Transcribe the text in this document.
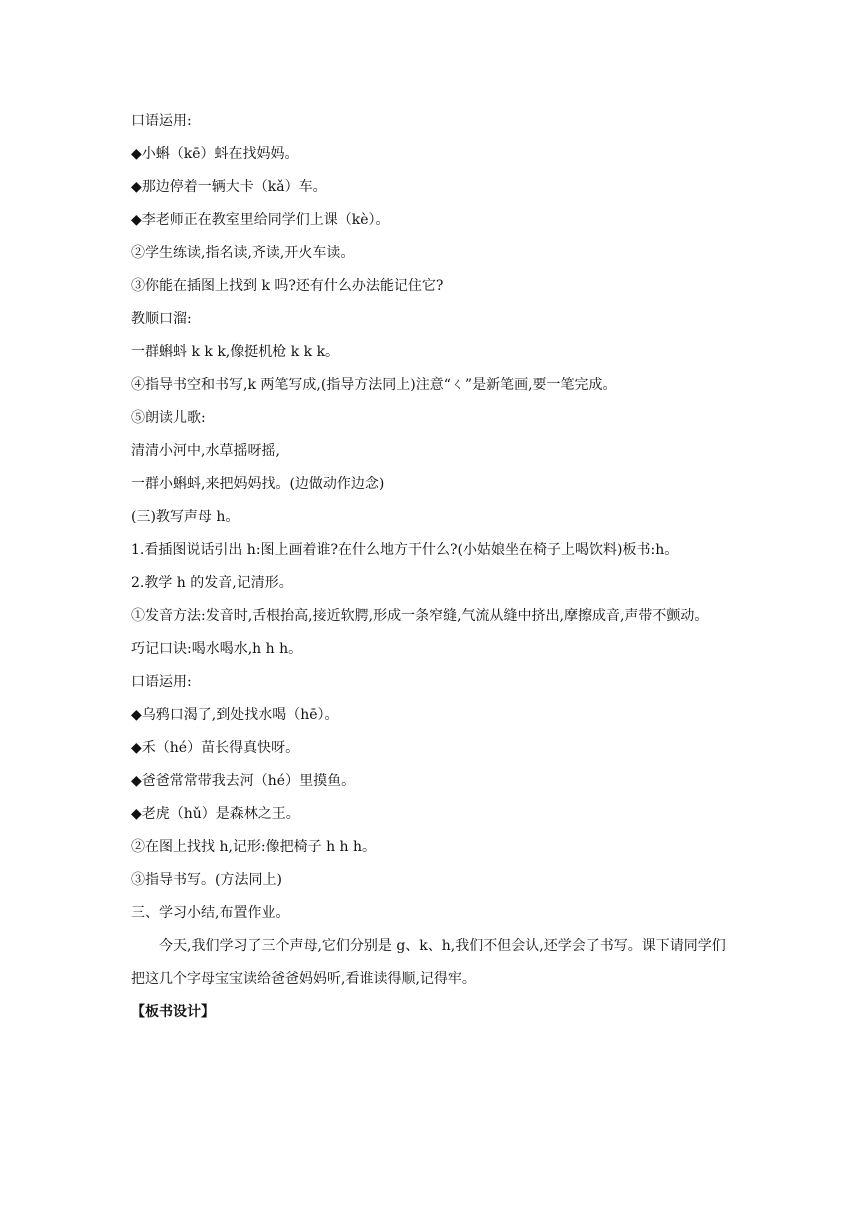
口语运用:
◆小蝌（kē）蚪在找妈妈。
◆那边停着一辆大卡（kǎ）车。
◆李老师正在教室里给同学们上课（kè）。
②学生练读,指名读,齐读,开火车读。
③你能在插图上找到 k 吗?还有什么办法能记住它?
教顺口溜:
一群蝌蚪 k k k,像挺机枪 k k k。
④指导书空和书写,k 两笔写成,(指导方法同上)注意“ㄑ”是新笔画,要一笔完成。
⑤朗读儿歌:
清清小河中,水草摇呀摇,
一群小蝌蚪,来把妈妈找。(边做动作边念)
(三)教写声母 h。
1.看插图说话引出 h:图上画着谁?在什么地方干什么?(小姑娘坐在椅子上喝饮料)板书:h。
2.教学 h 的发音,记清形。
①发音方法:发音时,舌根抬高,接近软腭,形成一条窄缝,气流从缝中挤出,摩擦成音,声带不颤动。
巧记口诀:喝水喝水,h h h。
口语运用:
◆乌鸦口渴了,到处找水喝（hē）。
◆禾（hé）苗长得真快呀。
◆爸爸常常带我去河（hé）里摸鱼。
◆老虎（hǔ）是森林之王。
②在图上找找 h,记形:像把椅子 h h h。
③指导书写。(方法同上)
三、学习小结,布置作业。
今天,我们学习了三个声母,它们分别是 g、k、h,我们不但会认,还学会了书写。课下请同学们把这几个字母宝宝读给爸爸妈妈听,看谁读得顺,记得牢。
【板书设计】
